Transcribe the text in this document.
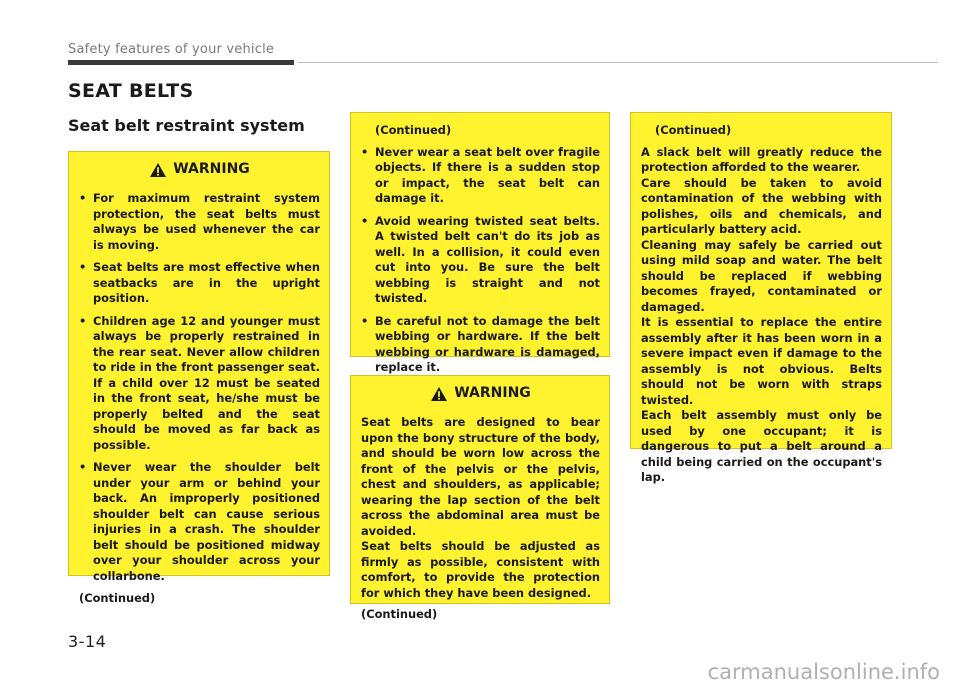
Safety features of your vehicle
SEAT BELTS
Seat belt restraint system
WARNING
• For maximum restraint system protection, the seat belts must always be used whenever the car is moving.
• Seat belts are most effective when seatbacks are in the upright position.
• Children age 12 and younger must always be properly restrained in the rear seat. Never allow children to ride in the front passenger seat. If a child over 12 must be seated in the front seat, he/she must be properly belted and the seat should be moved as far back as possible.
• Never wear the shoulder belt under your arm or behind your back. An improperly positioned shoulder belt can cause serious injuries in a crash. The shoulder belt should be positioned midway over your shoulder across your collarbone.
(Continued)
(Continued)
• Never wear a seat belt over fragile objects. If there is a sudden stop or impact, the seat belt can damage it.
• Avoid wearing twisted seat belts. A twisted belt can't do its job as well. In a collision, it could even cut into you. Be sure the belt webbing is straight and not twisted.
• Be careful not to damage the belt webbing or hardware. If the belt webbing or hardware is damaged, replace it.
WARNING

Seat belts are designed to bear upon the bony structure of the body, and should be worn low across the front of the pelvis or the pelvis, chest and shoulders, as applicable; wearing the lap section of the belt across the abdominal area must be avoided.

Seat belts should be adjusted as firmly as possible, consistent with comfort, to provide the protection for which they have been designed.

(Continued)
(Continued)

A slack belt will greatly reduce the protection afforded to the wearer.

Care should be taken to avoid contamination of the webbing with polishes, oils and chemicals, and particularly battery acid.

Cleaning may safely be carried out using mild soap and water. The belt should be replaced if webbing becomes frayed, contaminated or damaged.

It is essential to replace the entire assembly after it has been worn in a severe impact even if damage to the assembly is not obvious. Belts should not be worn with straps twisted.

Each belt assembly must only be used by one occupant; it is dangerous to put a belt around a child being carried on the occupant's lap.

3-14
carmanualsonline.info
